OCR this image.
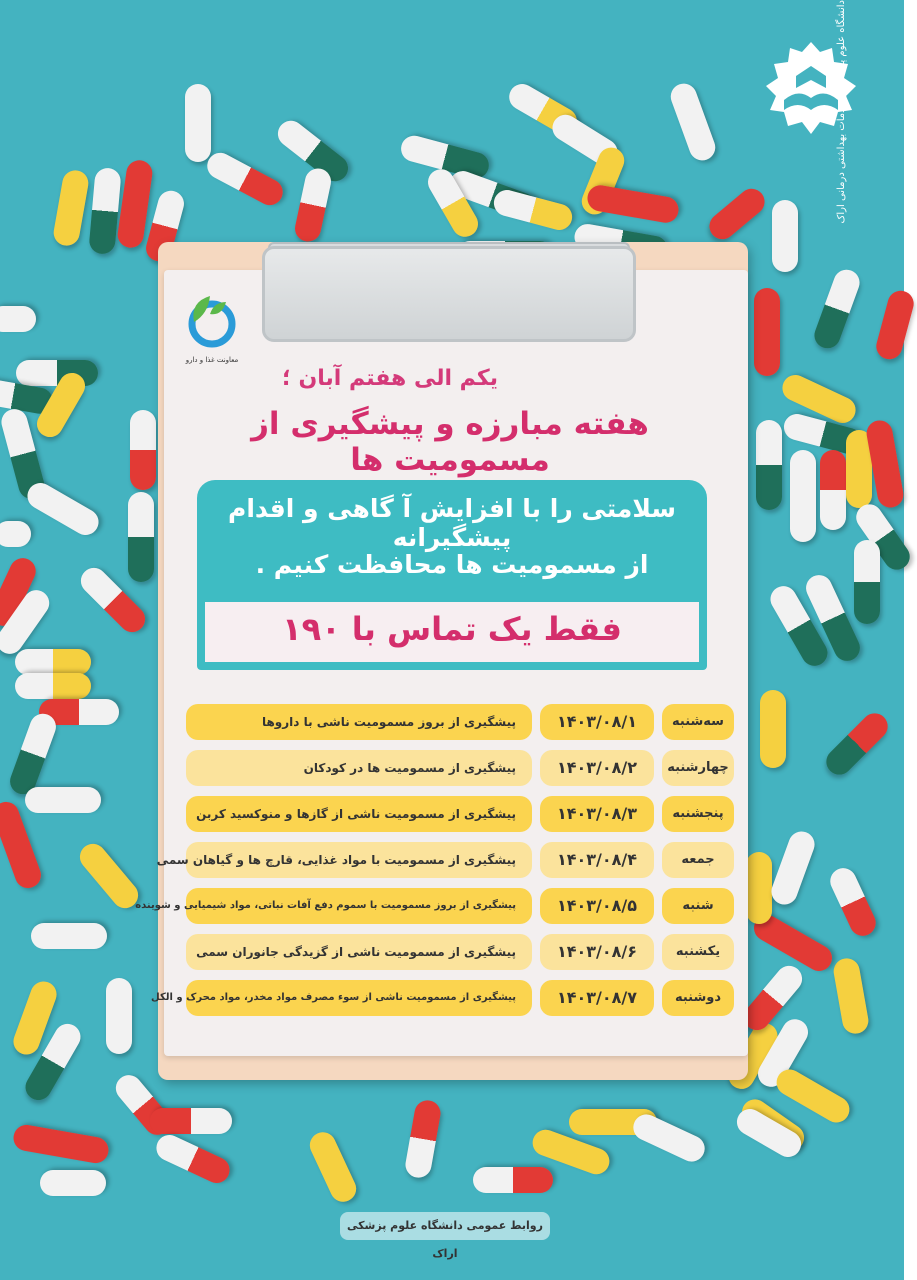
دانشگاه علوم پزشکی و خدمات بهداشتی درمانی اراک
معاونت غذا و دارو
یکم الی هفتم آبان ؛
هفته مبارزه و پیشگیری از مسمومیت ها
سلامتی را با افزایش آ گاهی و اقدام پیشگیرانه
از مسمومیت ها محافظت کنیم .
فقط یک تماس با ۱۹۰
سه‌شنبه
۱۴۰۳/۰۸/۱
پیشگیری از بروز مسمومیت ناشی با داروها
چهارشنبه
۱۴۰۳/۰۸/۲
پیشگیری از مسمومیت ها در کودکان
پنجشنبه
۱۴۰۳/۰۸/۳
پیشگیری از مسمومیت ناشی از گازها و منوکسید کربن
جمعه
۱۴۰۳/۰۸/۴
پیشگیری از مسمومیت با مواد غذایی، قارچ ها و گیاهان سمی
شنبه
۱۴۰۳/۰۸/۵
پیشگیری از بروز مسمومیت با سموم دفع آفات نباتی، مواد شیمیایی و شوینده
یکشنبه
۱۴۰۳/۰۸/۶
پیشگیری از مسمومیت ناشی از گزیدگی جانوران سمی
دوشنبه
۱۴۰۳/۰۸/۷
پیشگیری از مسمومیت ناشی از سوء مصرف مواد مخدر، مواد محرک و الکل
روابط عمومی دانشگاه علوم پزشکی اراک
